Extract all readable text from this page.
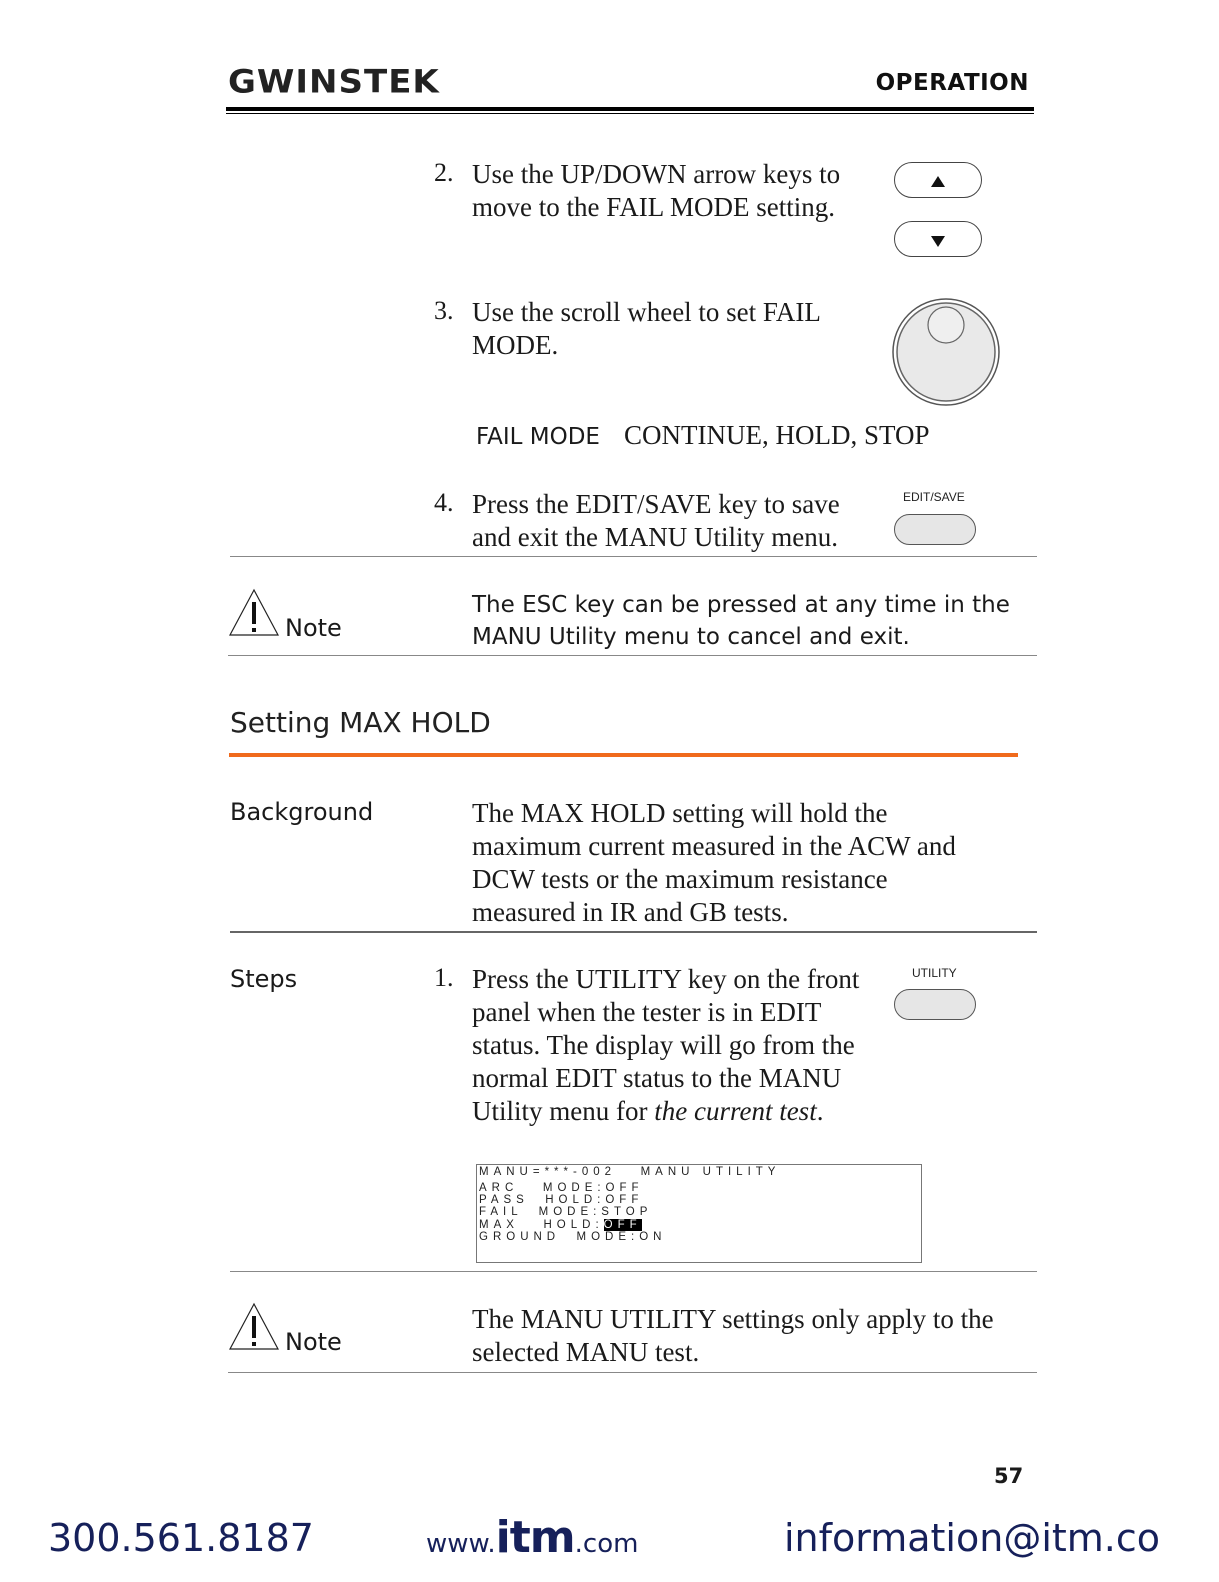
GWINSTEK	OPERATION
2. Use the UP/DOWN arrow keys to
move to the FAIL MODE setting.
3. Use the scroll wheel to set FAIL
MODE.
FAIL MODE CONTINUE, HOLD, STOP
4. Press the EDIT/SAVE key to save
and exit the MANU Utility menu.
EDIT/SAVE
Note
The ESC key can be pressed at any time in the
MANU Utility menu to cancel and exit.
Setting MAX HOLD
Background	The MAX HOLD setting will hold the
maximum current measured in the ACW and
DCW tests or the maximum resistance
measured in IR and GB tests.
Steps	1. Press the UTILITY key on the front
panel when the tester is in EDIT
status. The display will go from the
normal EDIT status to the MANU
Utility menu for the current test.
UTILITY
MANU=***-002   MANU UTILITY
ARC   MODE:OFF
PASS  HOLD:OFF
FAIL  MODE:STOP
MAX   HOLD:OFF
GROUND  MODE:ON
Note
The MANU UTILITY settings only apply to the
selected MANU test.
57
300.561.8187	www.itm.com	information@itm.co
